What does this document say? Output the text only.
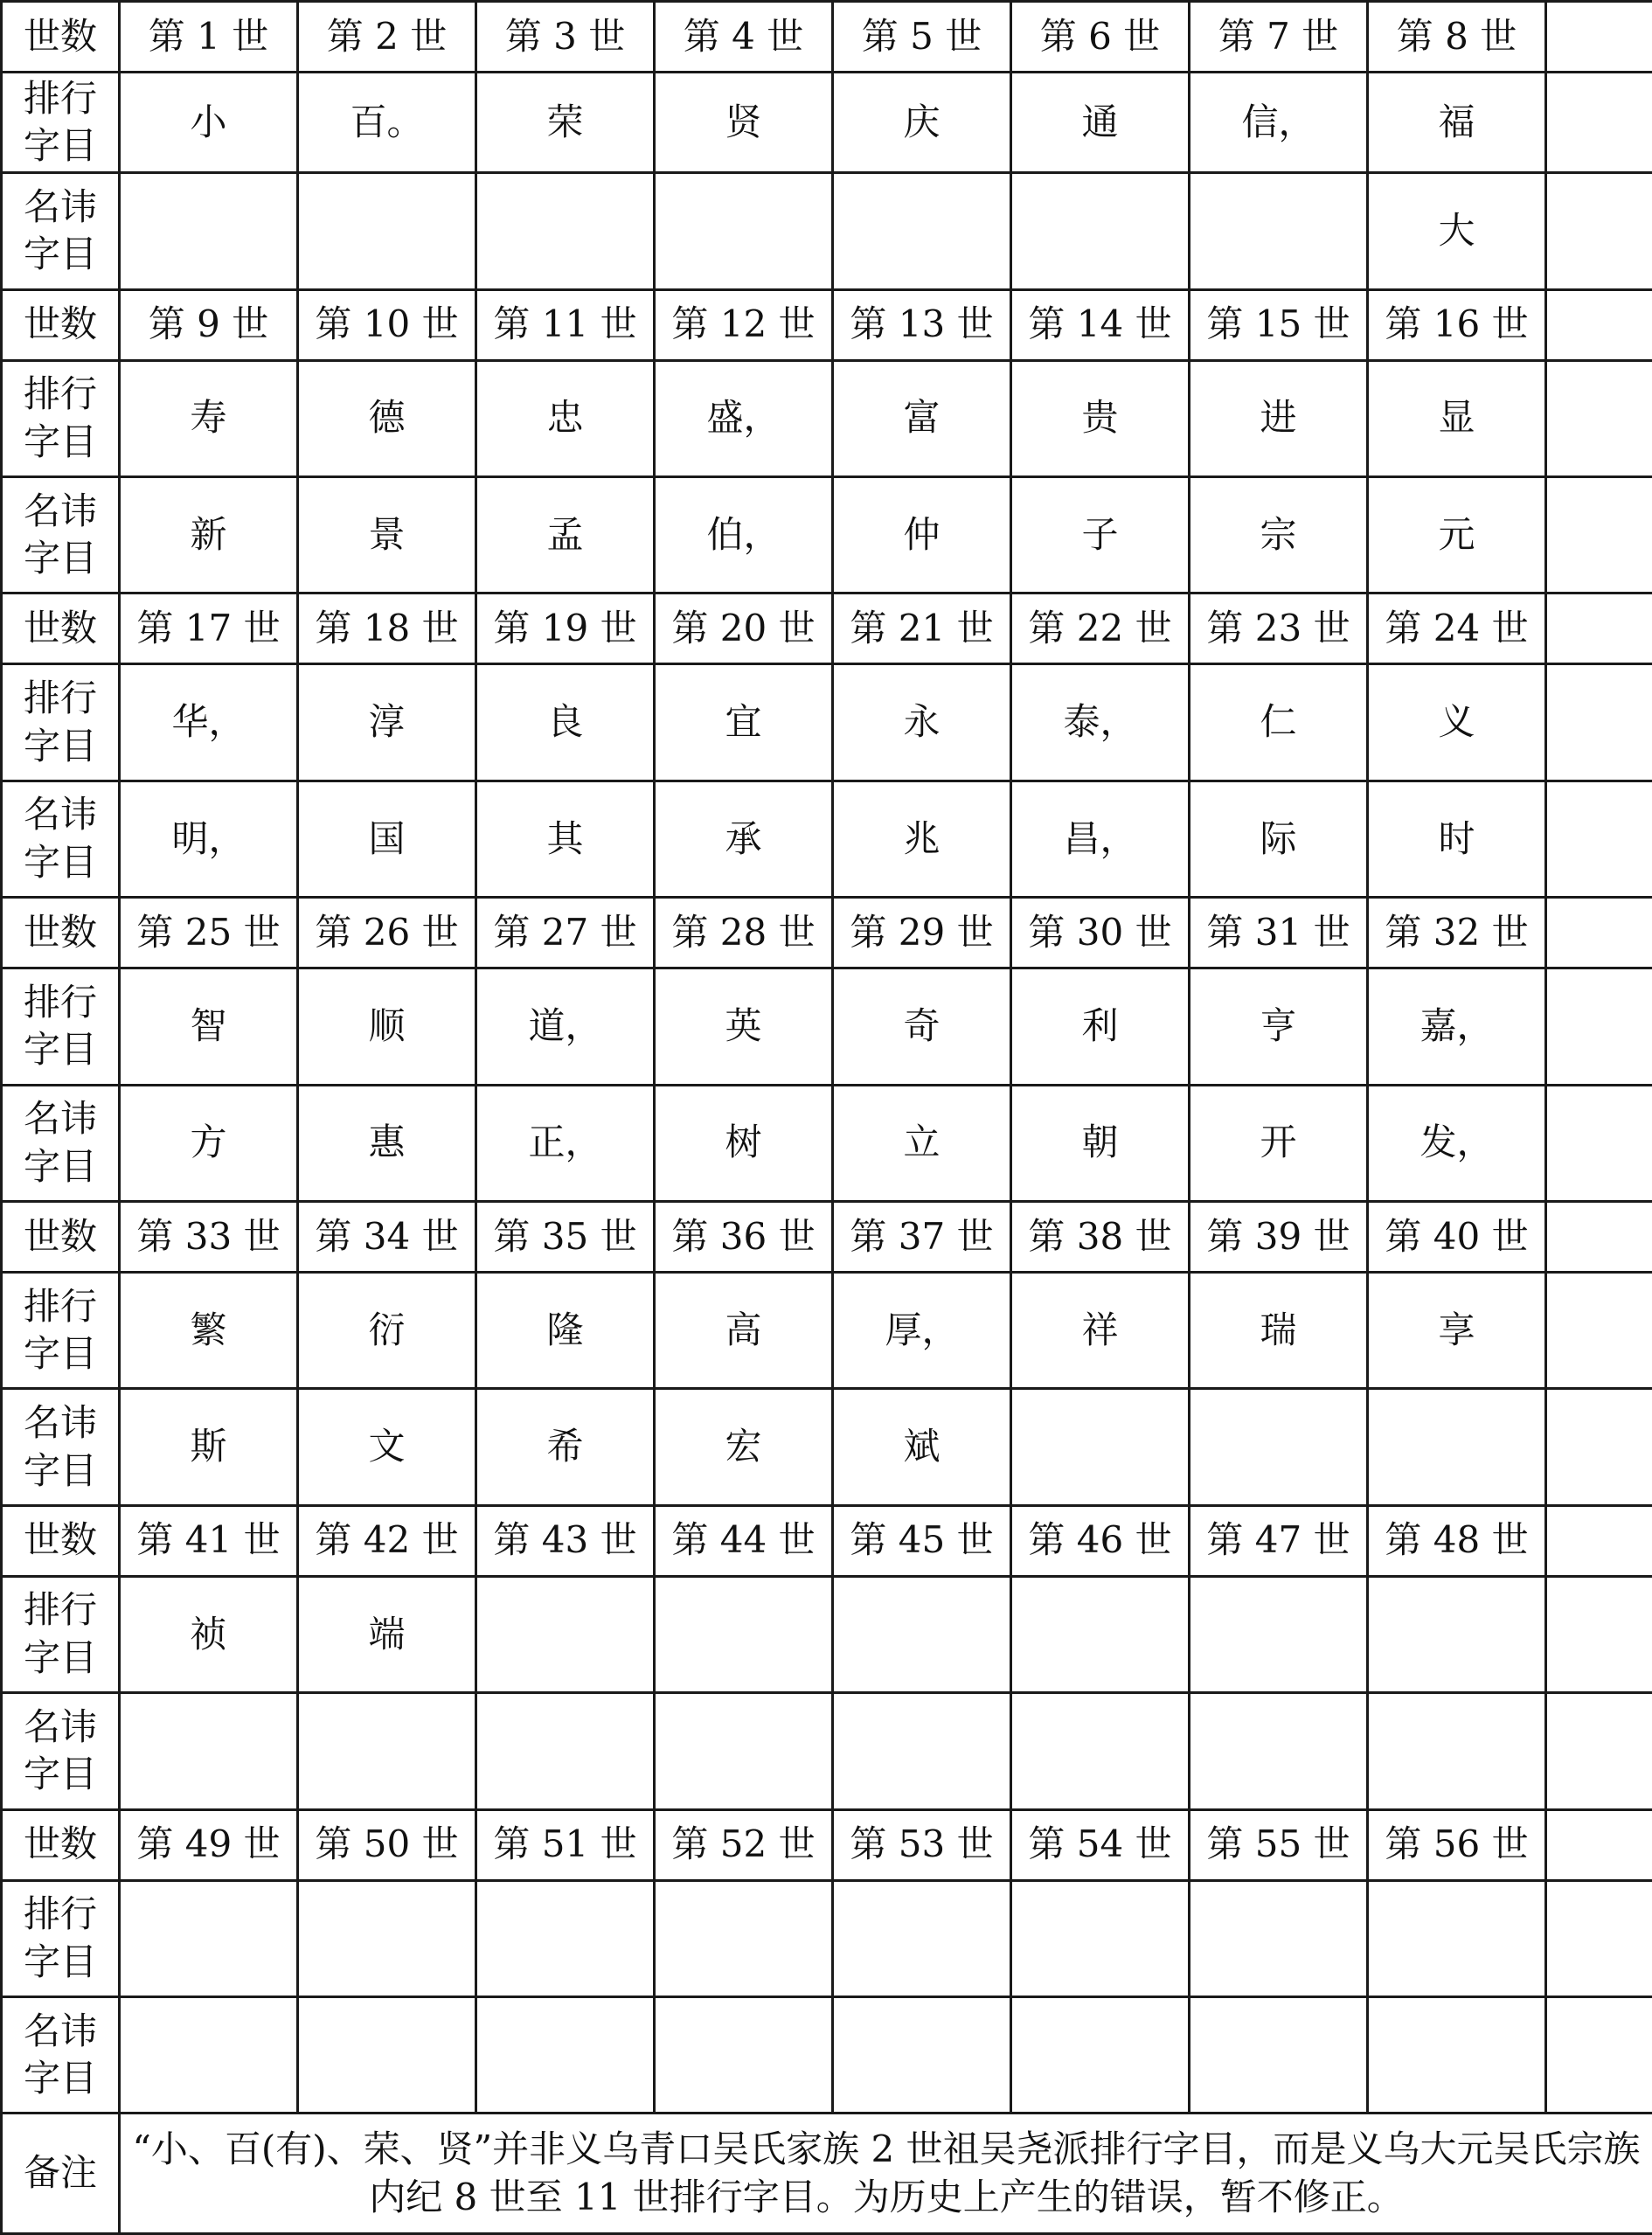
世数	第 1 世	第 2 世	第 3 世	第 4 世	第 5 世	第 6 世	第 7 世	第 8 世	
排行
字目	小	百。	荣	贤	庆	通	信，	福	
名讳
字目								大	
世数	第 9 世	第 10 世	第 11 世	第 12 世	第 13 世	第 14 世	第 15 世	第 16 世	
排行
字目	寿	德	忠	盛，	富	贵	进	显	
名讳
字目	新	景	孟	伯，	仲	子	宗	元	
世数	第 17 世	第 18 世	第 19 世	第 20 世	第 21 世	第 22 世	第 23 世	第 24 世	
排行
字目	华，	淳	良	宜	永	泰，	仁	义	
名讳
字目	明，	国	其	承	兆	昌，	际	时	
世数	第 25 世	第 26 世	第 27 世	第 28 世	第 29 世	第 30 世	第 31 世	第 32 世	
排行
字目	智	顺	道，	英	奇	利	亨	嘉，	
名讳
字目	方	惠	正，	树	立	朝	开	发，	
世数	第 33 世	第 34 世	第 35 世	第 36 世	第 37 世	第 38 世	第 39 世	第 40 世	
排行
字目	繁	衍	隆	高	厚，	祥	瑞	享	
名讳
字目	斯	文	希	宏	斌				
世数	第 41 世	第 42 世	第 43 世	第 44 世	第 45 世	第 46 世	第 47 世	第 48 世	
排行
字目	祯	端							
名讳
字目									
世数	第 49 世	第 50 世	第 51 世	第 52 世	第 53 世	第 54 世	第 55 世	第 56 世	
排行
字目									
名讳
字目									
备注	“小、百(有)、荣、贤”并非义乌青口吴氏家族 2 世祖吴尧派排行字目，而是义乌大元吴氏宗族
内纪 8 世至 11 世排行字目。为历史上产生的错误，暂不修正。								
